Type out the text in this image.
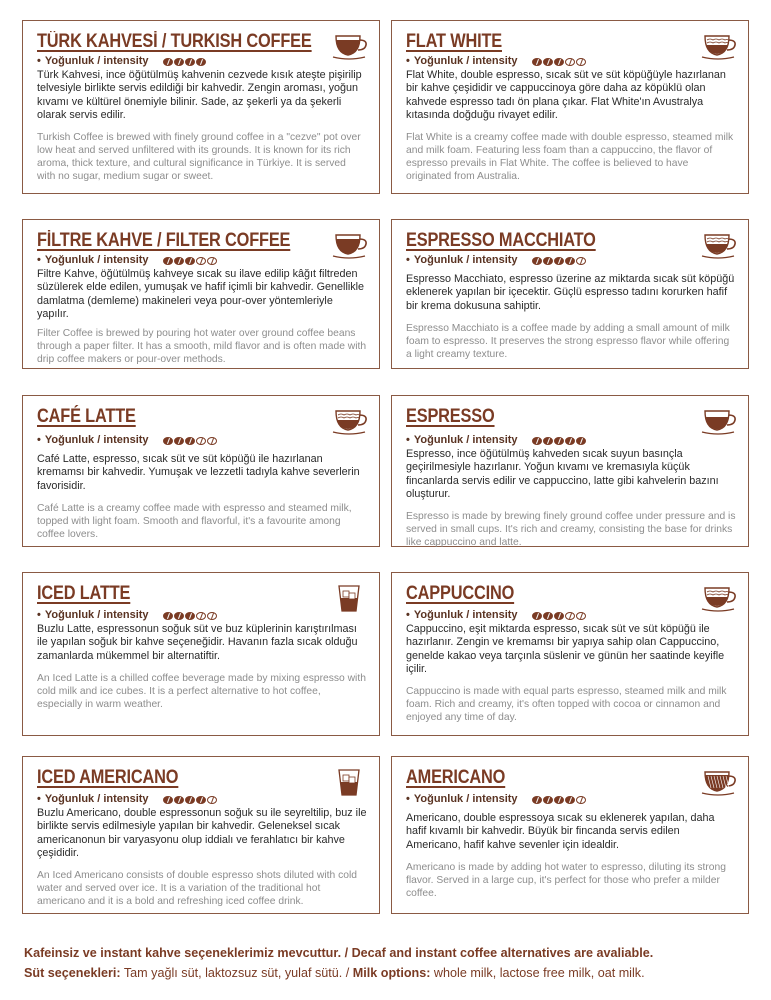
TÜRK KAHVESİ / TURKISH COFFEE
• Yoğunluk / intensity
Türk Kahvesi, ince öğütülmüş kahvenin cezvede kısık ateşte pişirilip telvesiyle birlikte servis edildiği bir kahvedir. Zengin aroması, yoğun kıvamı ve kültürel önemiyle bilinir. Sade, az şekerli ya da şekerli olarak servis edilir.
Turkish Coffee is brewed with finely ground coffee in a "cezve" pot over low heat and served unfiltered with its grounds. It is known for its rich aroma, thick texture, and cultural significance in Türkiye. It is served with no sugar, medium sugar or sweet.
FLAT WHITE
• Yoğunluk / intensity
Flat White, double espresso, sıcak süt ve süt köpüğüyle hazırlanan bir kahve çeşididir ve cappuccinoya göre daha az köpüklü olan kahvede espresso tadı ön plana çıkar. Flat White'ın Avustralya kıtasında doğduğu rivayet edilir.
Flat White is a creamy coffee made with double espresso, steamed milk and milk foam. Featuring less foam than a cappuccino, the flavor of espresso prevails in Flat White. The coffee is believed to have originated from Australia.
FİLTRE KAHVE / FILTER COFFEE
• Yoğunluk / intensity
Filtre Kahve, öğütülmüş kahveye sıcak su ilave edilip kâğıt filtreden süzülerek elde edilen, yumuşak ve hafif içimli bir kahvedir. Genellikle damlatma (demleme) makineleri veya pour-over yöntemleriyle yapılır.
Filter Coffee is brewed by pouring hot water over ground coffee beans through a paper filter. It has a smooth, mild flavor and is often made with drip coffee makers or pour-over methods.
ESPRESSO MACCHIATO
• Yoğunluk / intensity
Espresso Macchiato, espresso üzerine az miktarda sıcak süt köpüğü eklenerek yapılan bir içecektir. Güçlü espresso tadını korurken hafif bir krema dokusuna sahiptir.
Espresso Macchiato is a coffee made by adding a small amount of milk foam to espresso. It preserves the strong espresso flavor while offering a light creamy texture.
CAFÉ LATTE
• Yoğunluk / intensity
Café Latte, espresso, sıcak süt ve süt köpüğü ile hazırlanan kremamsı bir kahvedir. Yumuşak ve lezzetli tadıyla kahve severlerin favorisidir.
Café Latte is a creamy coffee made with espresso and steamed milk, topped with light foam. Smooth and flavorful, it's a favourite among coffee lovers.
ESPRESSO
• Yoğunluk / intensity
Espresso, ince öğütülmüş kahveden sıcak suyun basınçla geçirilmesiyle hazırlanır. Yoğun kıvamı ve kremasıyla küçük fincanlarda servis edilir ve cappuccino, latte gibi kahvelerin bazını oluşturur.
Espresso is made by brewing finely ground coffee under pressure and is served in small cups. It's rich and creamy, consisting the base for drinks like cappuccino and latte.
ICED LATTE
• Yoğunluk / intensity
Buzlu Latte, espressonun soğuk süt ve buz küplerinin karıştırılması ile yapılan soğuk bir kahve seçeneğidir. Havanın fazla sıcak olduğu zamanlarda mükemmel bir alternatiftir.
An Iced Latte is a chilled coffee beverage made by mixing espresso with cold milk and ice cubes. It is a perfect alternative to hot coffee, especially in warm weather.
CAPPUCCINO
• Yoğunluk / intensity
Cappuccino, eşit miktarda espresso, sıcak süt ve süt köpüğü ile hazırlanır. Zengin ve kremamsı bir yapıya sahip olan Cappuccino, genelde kakao veya tarçınla süslenir ve günün her saatinde keyifle içilir.
Cappuccino is made with equal parts espresso, steamed milk and milk foam. Rich and creamy, it's often topped with cocoa or cinnamon and enjoyed any time of day.
ICED AMERICANO
• Yoğunluk / intensity
Buzlu Americano, double espressonun soğuk su ile seyreltilip, buz ile birlikte servis edilmesiyle yapılan bir kahvedir. Geleneksel sıcak americanonun bir varyasyonu olup iddialı ve ferahlatıcı bir kahve çeşididir.
An Iced Americano consists of double espresso shots diluted with cold water and served over ice. It is a variation of the traditional hot americano and it is a bold and refreshing iced coffee drink.
AMERICANO
• Yoğunluk / intensity
Americano, double espressoya sıcak su eklenerek yapılan, daha hafif kıvamlı bir kahvedir. Büyük bir fincanda servis edilen Americano, hafif kahve sevenler için idealdir.
Americano is made by adding hot water to espresso, diluting its strong flavor. Served in a large cup, it's perfect for those who prefer a milder coffee.
Kafeinsiz ve instant kahve seçeneklerimiz mevcuttur. / Decaf and instant coffee alternatives are avaliable.
Süt seçenekleri: Tam yağlı süt, laktozsuz süt, yulaf sütü. / Milk options: whole milk, lactose free milk, oat milk.
